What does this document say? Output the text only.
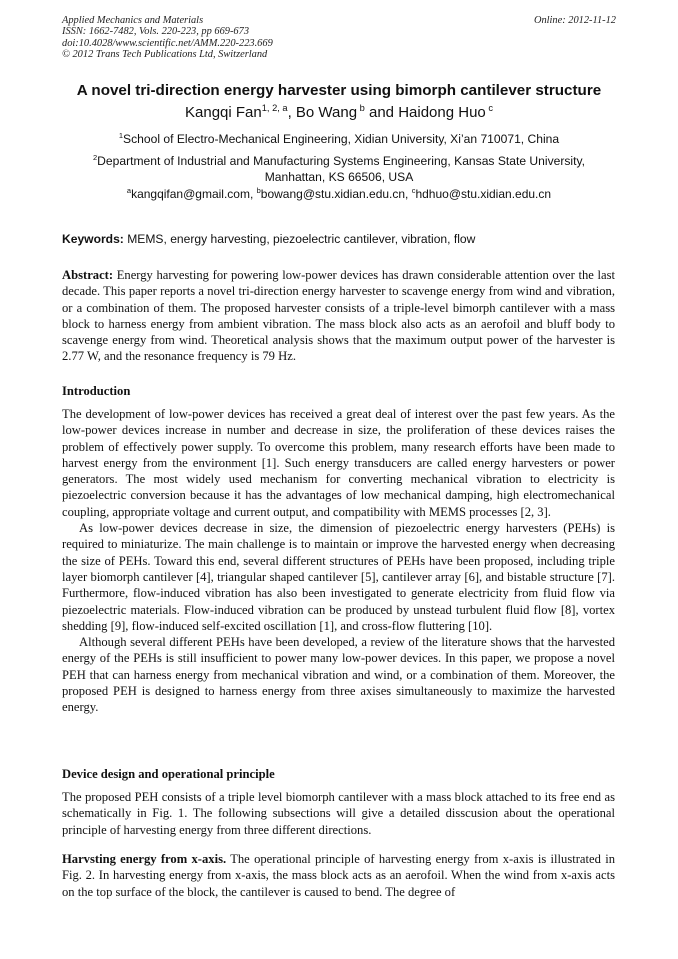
Applied Mechanics and Materials
ISSN: 1662-7482, Vols. 220-223, pp 669-673
doi:10.4028/www.scientific.net/AMM.220-223.669
© 2012 Trans Tech Publications Ltd, Switzerland
Online: 2012-11-12
A novel tri-direction energy harvester using bimorph cantilever structure
Kangqi Fan$^{1, 2, a}$, Bo Wang $^b$ and Haidong Huo $^c$
$^1$School of Electro-Mechanical Engineering, Xidian University, Xi’an 710071, China
$^2$Department of Industrial and Manufacturing Systems Engineering, Kansas State University, Manhattan, KS 66506, USA
$^a$kangqifan@gmail.com, $^b$bowang@stu.xidian.edu.cn, $^c$hdhuo@stu.xidian.edu.cn
Keywords: MEMS, energy harvesting, piezoelectric cantilever, vibration, flow
Abstract: Energy harvesting for powering low-power devices has drawn considerable attention over the last decade. This paper reports a novel tri-direction energy harvester to scavenge energy from wind and vibration, or a combination of them. The proposed harvester consists of a triple-level bimorph cantilever with a mass block to harness energy from ambient vibration. The mass block also acts as an aerofoil and bluff body to scavenge energy from wind. Theoretical analysis shows that the maximum output power of the harvester is 2.77 W, and the resonance frequency is 79 Hz.
Introduction

The development of low-power devices has received a great deal of interest over the past few years. As the low-power devices increase in number and decrease in size, the proliferation of these devices raises the problem of effectively power supply. To overcome this problem, many research efforts have been made to harvest energy from the environment [1]. Such energy transducers are called energy harvesters or power generators. The most widely used mechanism for converting mechanical vibration to electricity is piezoelectric conversion because it has the advantages of low mechanical damping, high electromechanical coupling, appropriate voltage and current output, and compatibility with MEMS processes [2, 3].

As low-power devices decrease in size, the dimension of piezoelectric energy harvesters (PEHs) is required to miniaturize. The main challenge is to maintain or improve the harvested energy when decreasing the size of PEHs. Toward this end, several different structures of PEHs have been proposed, including triple layer biomorph cantilever [4], triangular shaped cantilever [5], cantilever array [6], and bistable structure [7]. Furthermore, flow-induced vibration has also been investigated to generate electricity from fluid flow via piezoelectric materials. Flow-induced vibration can be produced by unstead turbulent fluid flow [8], vortex shedding [9], flow-induced self-excited oscillation [1], and cross-flow fluttering [10].

Although several different PEHs have been developed, a review of the literature shows that the harvested energy of the PEHs is still insufficient to power many low-power devices. In this paper, we propose a novel PEH that can harness energy from mechanical vibration and wind, or a combination of them. Moreover, the proposed PEH is designed to harness energy from three axises simultaneously to maximize the harvested energy.

Device design and operational principle
The proposed PEH consists of a triple level biomorph cantilever with a mass block attached to its free end as schematically in Fig. 1. The following subsections will give a detailed disscusion about the operational principle of harvesting energy from three different directions.
Harvsting energy from x-axis. The operational principle of harvesting energy from x-axis is illustrated in Fig. 2. In harvesting energy from x-axis, the mass block acts as an aerofoil. When the wind from x-axis acts on the top surface of the block, the cantilever is caused to bend. The degree of
